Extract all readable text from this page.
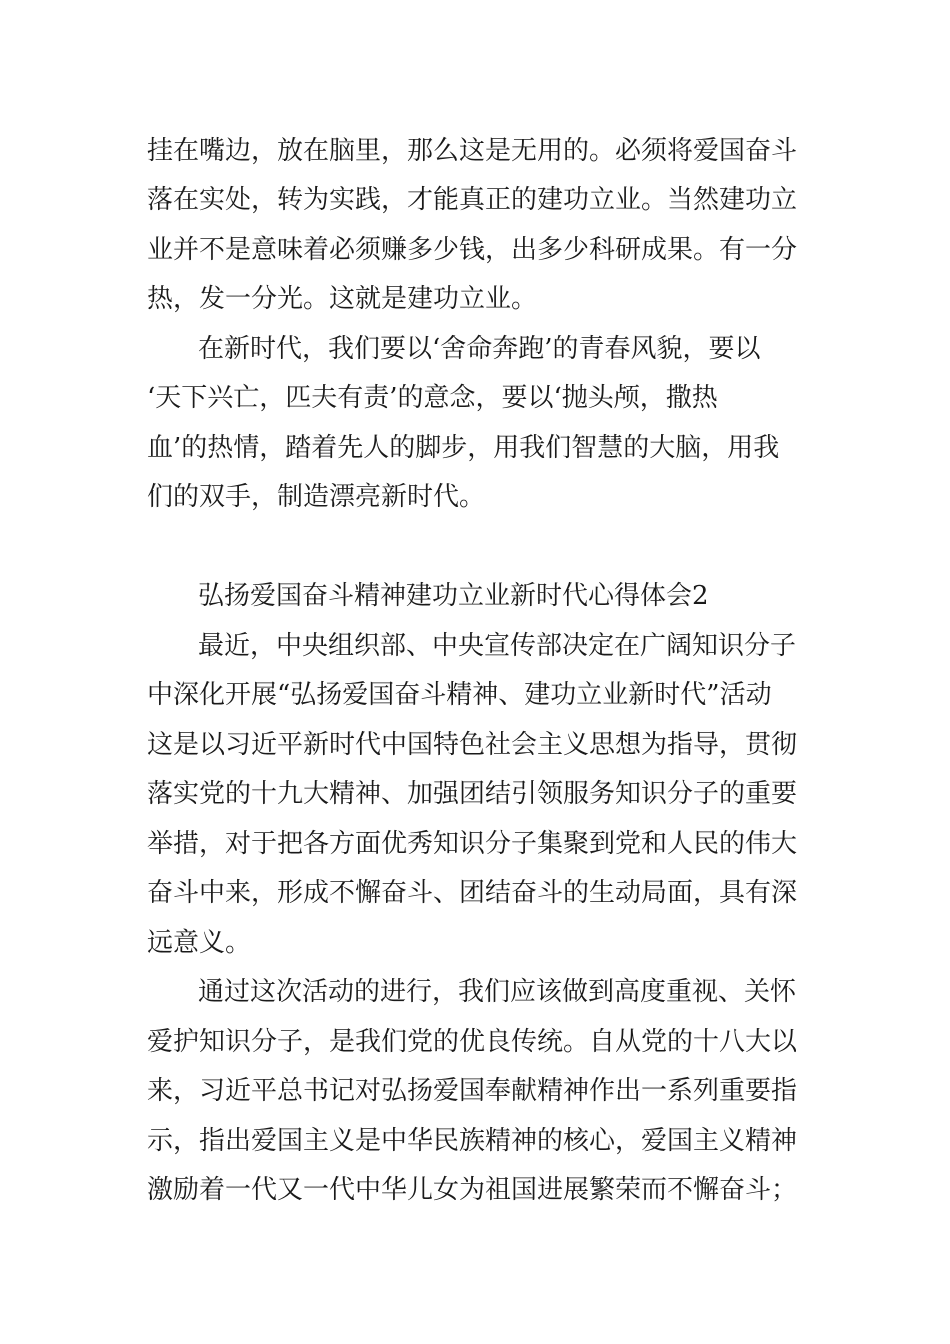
挂在嘴边，放在脑里，那么这是无用的。必须将爱国奋斗
落在实处，转为实践，才能真正的建功立业。当然建功立
业并不是意味着必须赚多少钱，出多少科研成果。有一分
热，发一分光。这就是建功立业。
在新时代，我们要以‘舍命奔跑’的青春风貌，要以
‘天下兴亡，匹夫有责’的意念，要以‘抛头颅，撒热
血’的热情，踏着先人的脚步，用我们智慧的大脑，用我
们的双手，制造漂亮新时代。
弘扬爱国奋斗精神建功立业新时代心得体会2
最近，中央组织部、中央宣传部决定在广阔知识分子
中深化开展“弘扬爱国奋斗精神、建功立业新时代”活动
这是以习近平新时代中国特色社会主义思想为指导，贯彻
落实党的十九大精神、加强团结引领服务知识分子的重要
举措，对于把各方面优秀知识分子集聚到党和人民的伟大
奋斗中来，形成不懈奋斗、团结奋斗的生动局面，具有深
远意义。
通过这次活动的进行，我们应该做到高度重视、关怀
爱护知识分子，是我们党的优良传统。自从党的十八大以
来，习近平总书记对弘扬爱国奉献精神作出一系列重要指
示，指出爱国主义是中华民族精神的核心，爱国主义精神
激励着一代又一代中华儿女为祖国进展繁荣而不懈奋斗；
